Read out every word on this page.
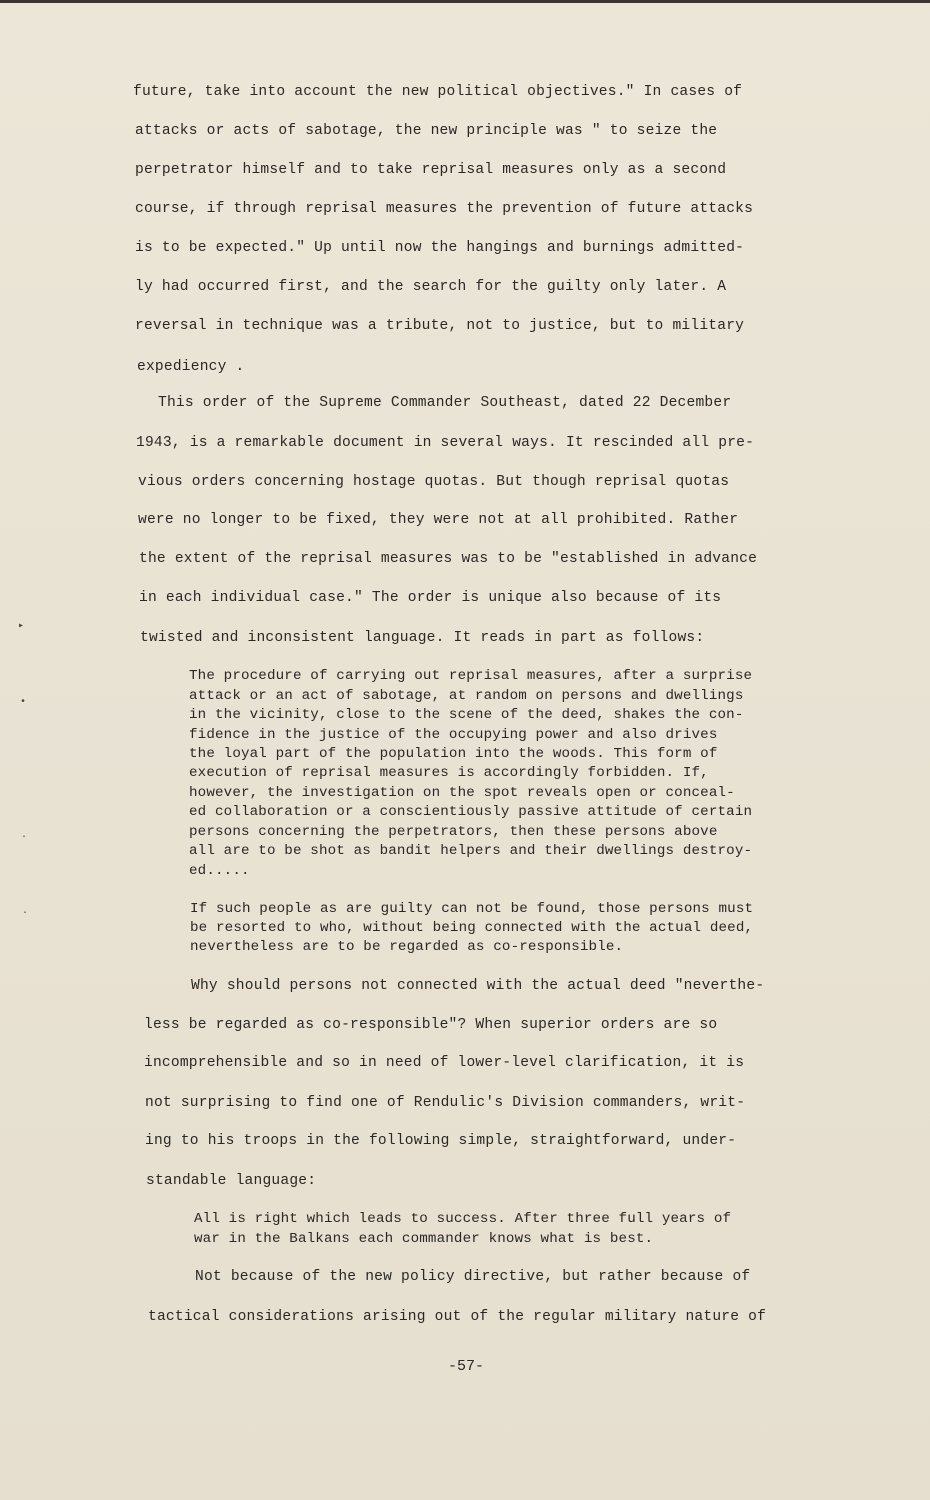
future, take into account the new political objectives." In cases of
attacks or acts of sabotage, the new principle was " to seize the
perpetrator himself and to take reprisal measures only as a second
course, if through reprisal measures the prevention of future attacks
is to be expected." Up until now the hangings and burnings admitted-
ly had occurred first, and the search for the guilty only later. A
reversal in technique was a tribute, not to justice, but to military
expediency .
This order of the Supreme Commander Southeast, dated 22 December
1943, is a remarkable document in several ways. It rescinded all pre-
vious orders concerning hostage quotas. But though reprisal quotas
were no longer to be fixed, they were not at all prohibited. Rather
the extent of the reprisal measures was to be "established in advance
in each individual case." The order is unique also because of its
twisted and inconsistent language. It reads in part as follows:
The procedure of carrying out reprisal measures, after a surprise
attack or an act of sabotage, at random on persons and dwellings
in the vicinity, close to the scene of the deed, shakes the con-
fidence in the justice of the occupying power and also drives
the loyal part of the population into the woods. This form of
execution of reprisal measures is accordingly forbidden. If,
however, the investigation on the spot reveals open or conceal-
ed collaboration or a conscientiously passive attitude of certain
persons concerning the perpetrators, then these persons above
all are to be shot as bandit helpers and their dwellings destroy-
ed.....
If such people as are guilty can not be found, those persons must
be resorted to who, without being connected with the actual deed,
nevertheless are to be regarded as co-responsible.
Why should persons not connected with the actual deed "neverthe-
less be regarded as co-responsible"? When superior orders are so
incomprehensible and so in need of lower-level clarification, it is
not surprising to find one of Rendulic's Division commanders, writ-
ing to his troops in the following simple, straightforward, under-
standable language:
All is right which leads to success. After three full years of
war in the Balkans each commander knows what is best.
Not because of the new policy directive, but rather because of
tactical considerations arising out of the regular military nature of
-57-
▸
•
·
·
